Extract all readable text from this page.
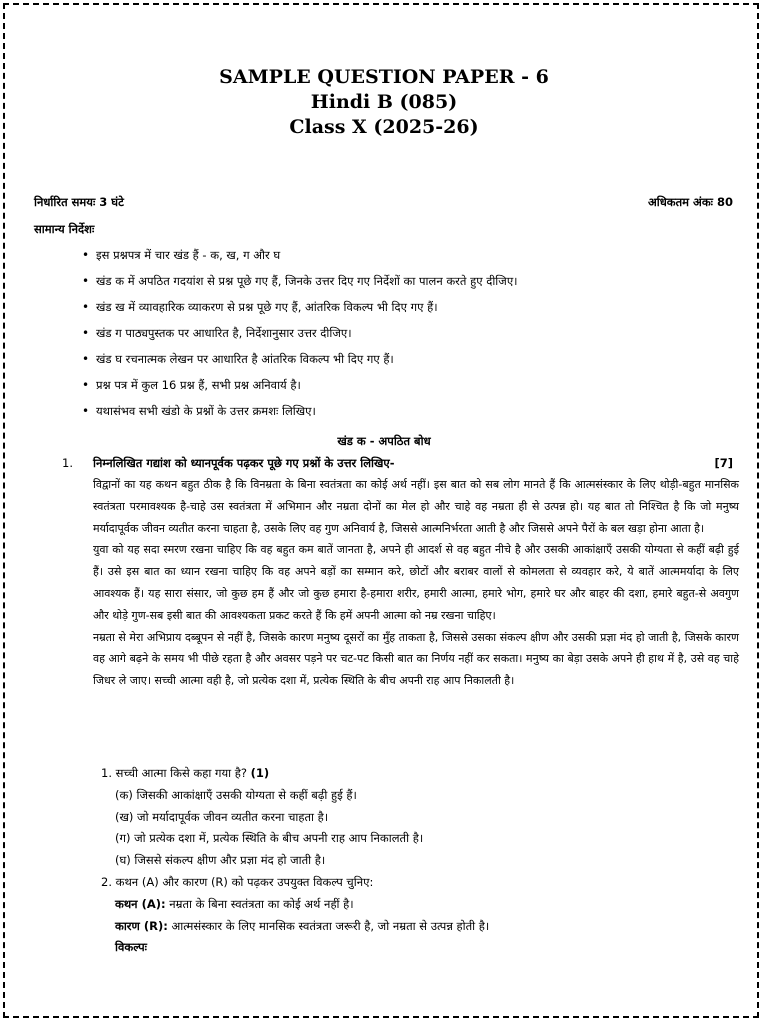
SAMPLE QUESTION PAPER - 6
Hindi B (085)
Class X (2025-26)
निर्धारित समयः 3 घंटे	अधिकतम अंकः 80
सामान्य निर्देशः
• इस प्रश्नपत्र में चार खंड हैं - क, ख, ग और घ
• खंड क में अपठित गदयांश से प्रश्न पूछे गए हैं, जिनके उत्तर दिए गए निर्देशों का पालन करते हुए दीजिए।
• खंड ख में व्यावहारिक व्याकरण से प्रश्न पूछे गए हैं, आंतरिक विकल्प भी दिए गए हैं।
• खंड ग पाठ्यपुस्तक पर आधारित है, निर्देशानुसार उत्तर दीजिए।
• खंड घ रचनात्मक लेखन पर आधारित है आंतरिक विकल्प भी दिए गए हैं।
• प्रश्न पत्र में कुल 16 प्रश्न हैं, सभी प्रश्न अनिवार्य है।
• यथासंभव सभी खंडो के प्रश्नों के उत्तर क्रमशः लिखिए।
खंड क - अपठित बोध
1. निम्नलिखित गद्यांश को ध्यानपूर्वक पढ़कर पूछे गए प्रश्नों के उत्तर लिखिए-	[7]

विद्वानों का यह कथन बहुत ठीक है कि विनम्रता के बिना स्वतंत्रता का कोई अर्थ नहीं। इस बात को सब लोग मानते हैं कि आत्मसंस्कार के लिए थोड़ी-बहुत मानसिक स्वतंत्रता परमावश्यक है-चाहे उस स्वतंत्रता में अभिमान और नम्रता दोनों का मेल हो और चाहे वह नम्रता ही से उत्पन्न हो। यह बात तो निश्चित है कि जो मनुष्य मर्यादापूर्वक जीवन व्यतीत करना चाहता है, उसके लिए वह गुण अनिवार्य है, जिससे आत्मनिर्भरता आती है और जिससे अपने पैरों के बल खड़ा होना आता है।

युवा को यह सदा स्मरण रखना चाहिए कि वह बहुत कम बातें जानता है, अपने ही आदर्श से वह बहुत नीचे है और उसकी आकांक्षाएँ उसकी योग्यता से कहीं बढ़ी हुई हैं। उसे इस बात का ध्यान रखना चाहिए कि वह अपने बड़ों का सम्मान करे, छोटों और बराबर वालों से कोमलता से व्यवहार करे, ये बातें आत्ममर्यादा के लिए आवश्यक हैं। यह सारा संसार, जो कुछ हम हैं और जो कुछ हमारा है-हमारा शरीर, हमारी आत्मा, हमारे भोग, हमारे घर और बाहर की दशा, हमारे बहुत-से अवगुण और थोड़े गुण-सब इसी बात की आवश्यकता प्रकट करते हैं कि हमें अपनी आत्मा को नम्र रखना चाहिए।

नम्रता से मेरा अभिप्राय दब्बूपन से नहीं है, जिसके कारण मनुष्य दूसरों का मुँह ताकता है, जिससे उसका संकल्प क्षीण और उसकी प्रज्ञा मंद हो जाती है, जिसके कारण वह आगे बढ़ने के समय भी पीछे रहता है और अवसर पड़ने पर चट-पट किसी बात का निर्णय नहीं कर सकता। मनुष्य का बेड़ा उसके अपने ही हाथ में है, उसे वह चाहे जिधर ले जाए। सच्ची आत्मा वही है, जो प्रत्येक दशा में, प्रत्येक स्थिति के बीच अपनी राह आप निकालती है।

1. सच्ची आत्मा किसे कहा गया है? (1)
(क) जिसकी आकांक्षाएँ उसकी योग्यता से कहीं बढ़ी हुई हैं।
(ख) जो मर्यादापूर्वक जीवन व्यतीत करना चाहता है।
(ग) जो प्रत्येक दशा में, प्रत्येक स्थिति के बीच अपनी राह आप निकालती है।
(घ) जिससे संकल्प क्षीण और प्रज्ञा मंद हो जाती है।
2. कथन (A) और कारण (R) को पढ़कर उपयुक्त विकल्प चुनिए:
कथन (A): नम्रता के बिना स्वतंत्रता का कोई अर्थ नहीं है।
कारण (R): आत्मसंस्कार के लिए मानसिक स्वतंत्रता जरूरी है, जो नम्रता से उत्पन्न होती है।
विकल्पः
